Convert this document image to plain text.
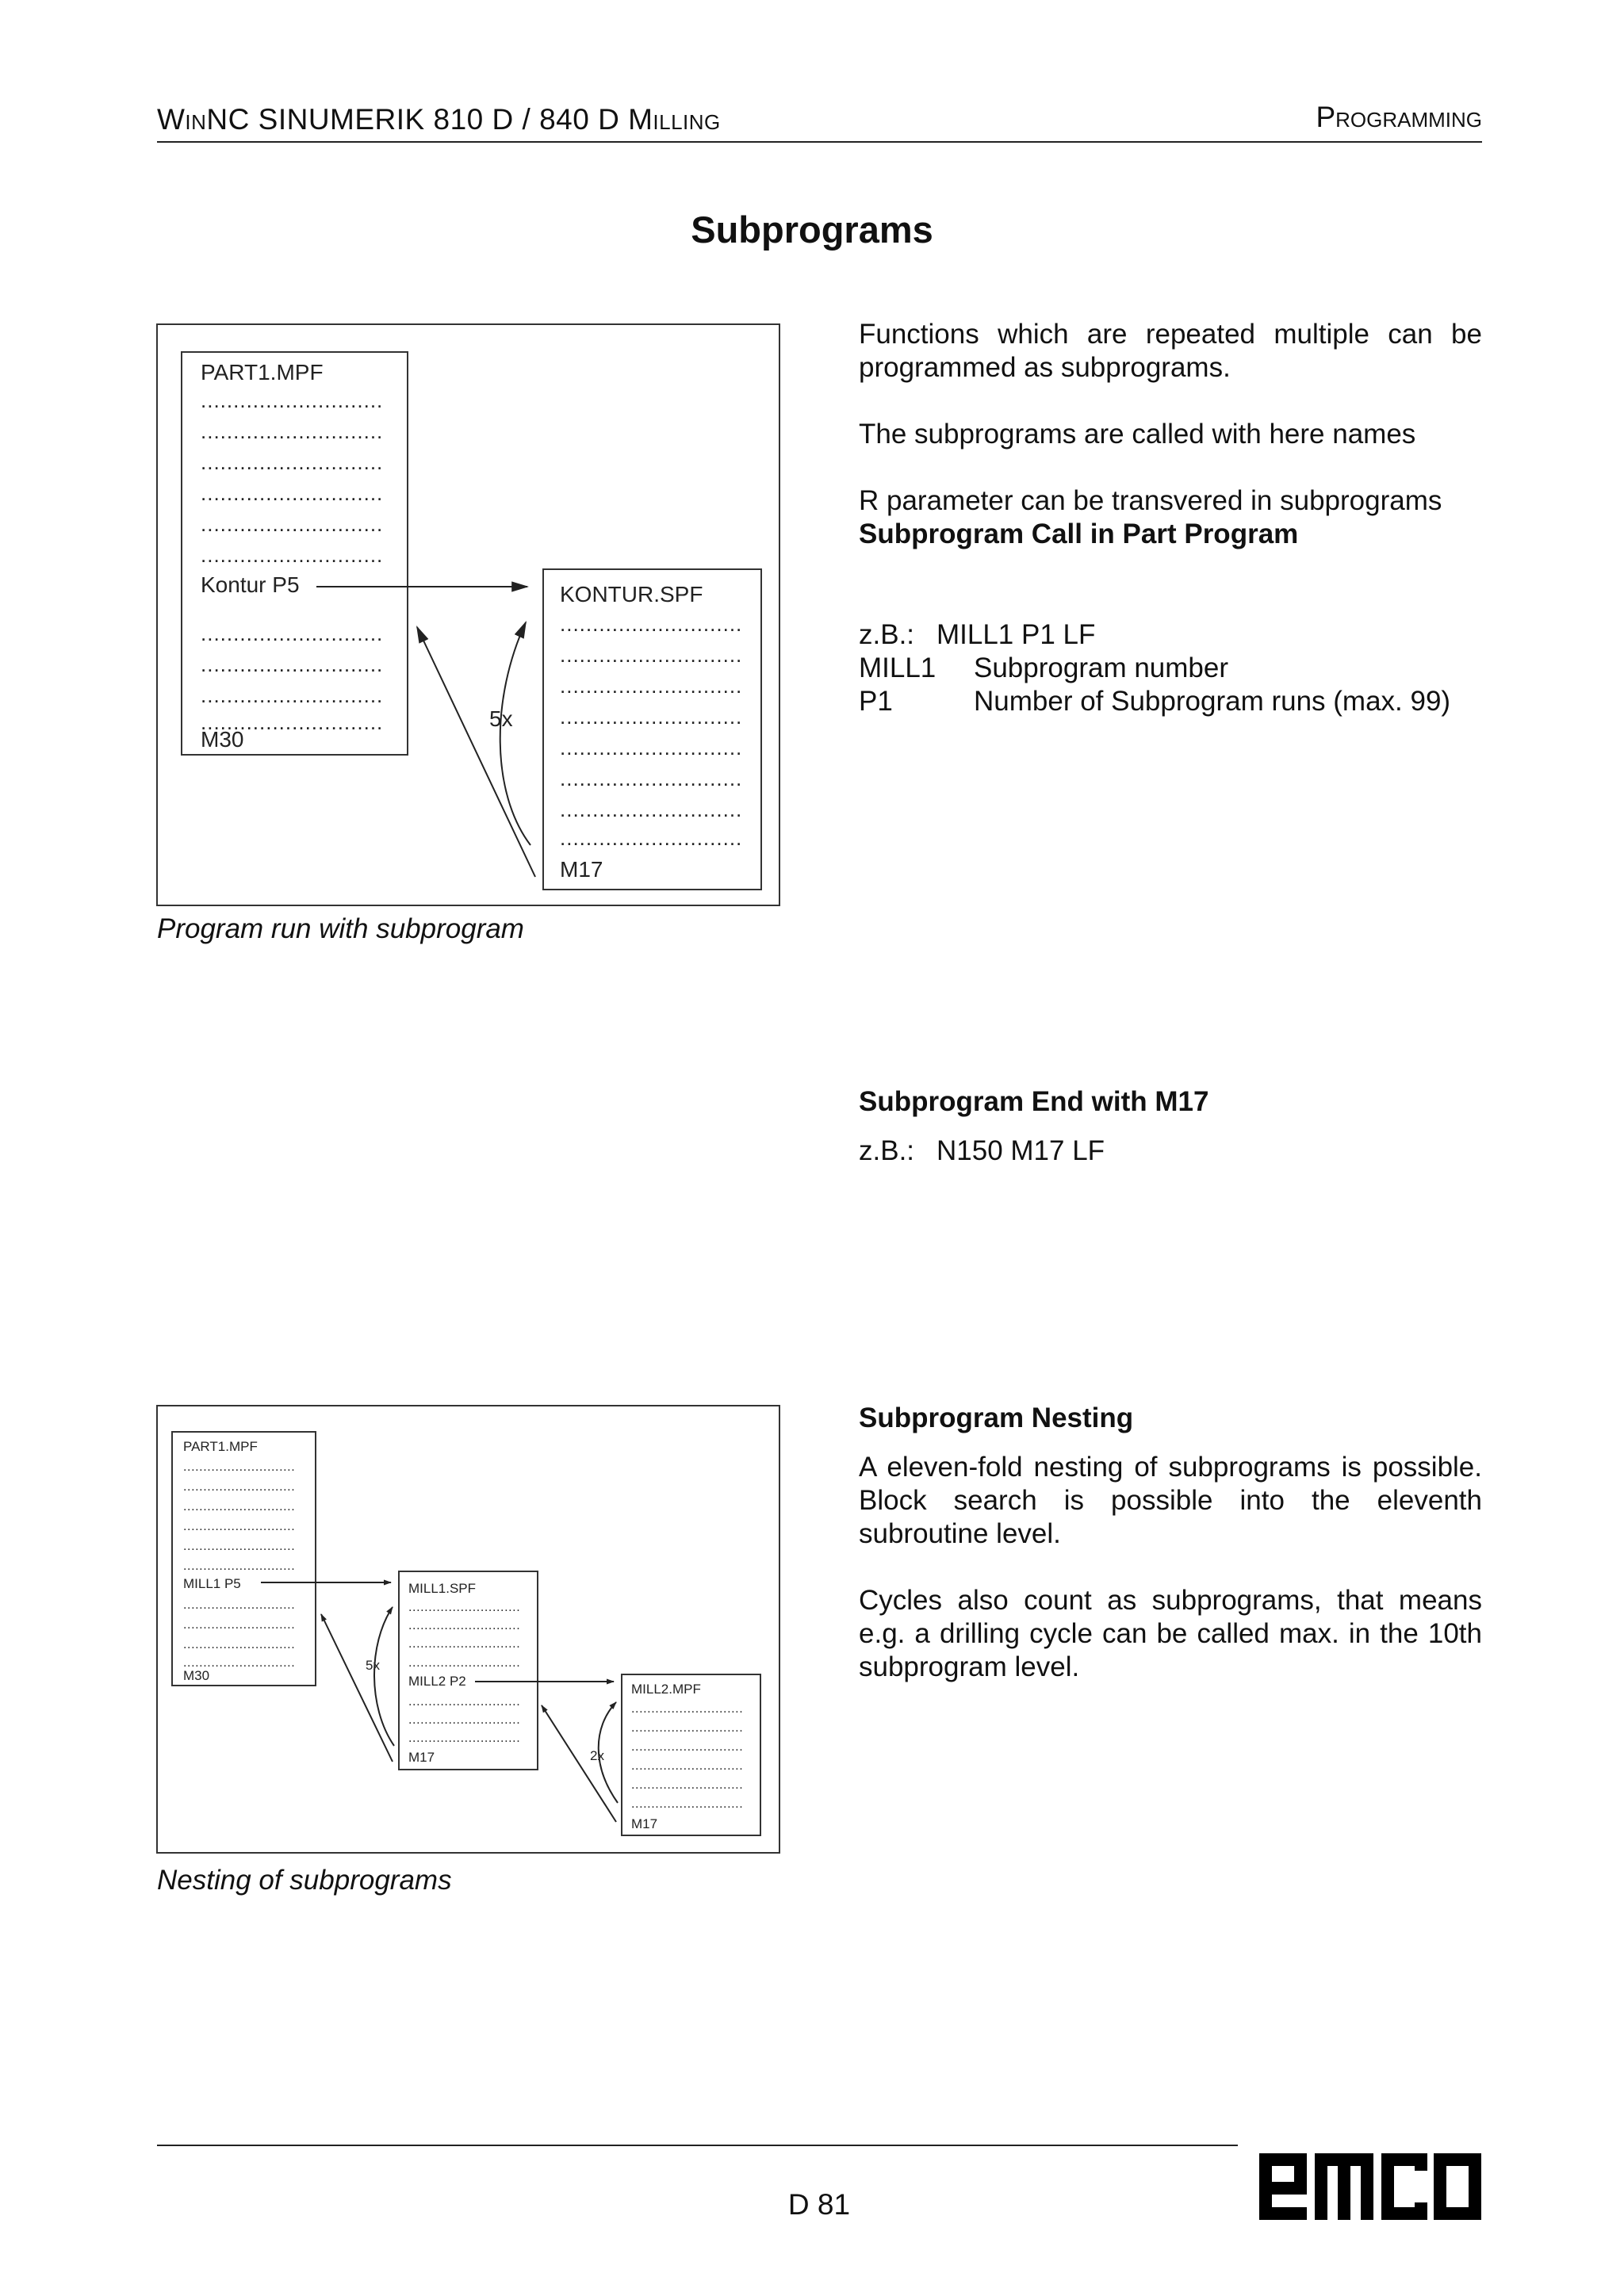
WinNC SINUMERIK 810 D / 840 D Milling	Programming
Subprograms
PART1.MPF
............................
............................
............................
............................
............................
............................
............................
............................
............................
............................
Kontur P5
M30
KONTUR.SPF
............................
............................
............................
............................
............................
............................
............................
............................
M17
5x
Program run with subprogram
PART1.MPF
............................
............................
............................
............................
............................
............................
............................
............................
............................
............................
MILL1 P5
M30
MILL1.SPF
............................
............................
............................
............................
............................
............................
............................
MILL2 P2
M17
MILL2.MPF
............................
............................
............................
............................
............................
............................
M17
5x
2x
Nesting of subprograms

Functions which are repeated multiple can be programmed as subprograms.

The subprograms are called with here names

R parameter can be transvered in subprograms

Subprogram Call in Part Program

z.B.: MILL1 P1 LF
MILL1	Subprogram number
P1	Number of Subprogram runs (max. 99)

Subprogram End with M17

z.B.: N150 M17 LF

Subprogram Nesting

A eleven-fold nesting of subprograms is possible. Block search is possible into the eleventh subroutine level.

Cycles also count as subprograms, that means e.g. a drilling cycle can be called max. in the 10th subprogram level.

D 81
